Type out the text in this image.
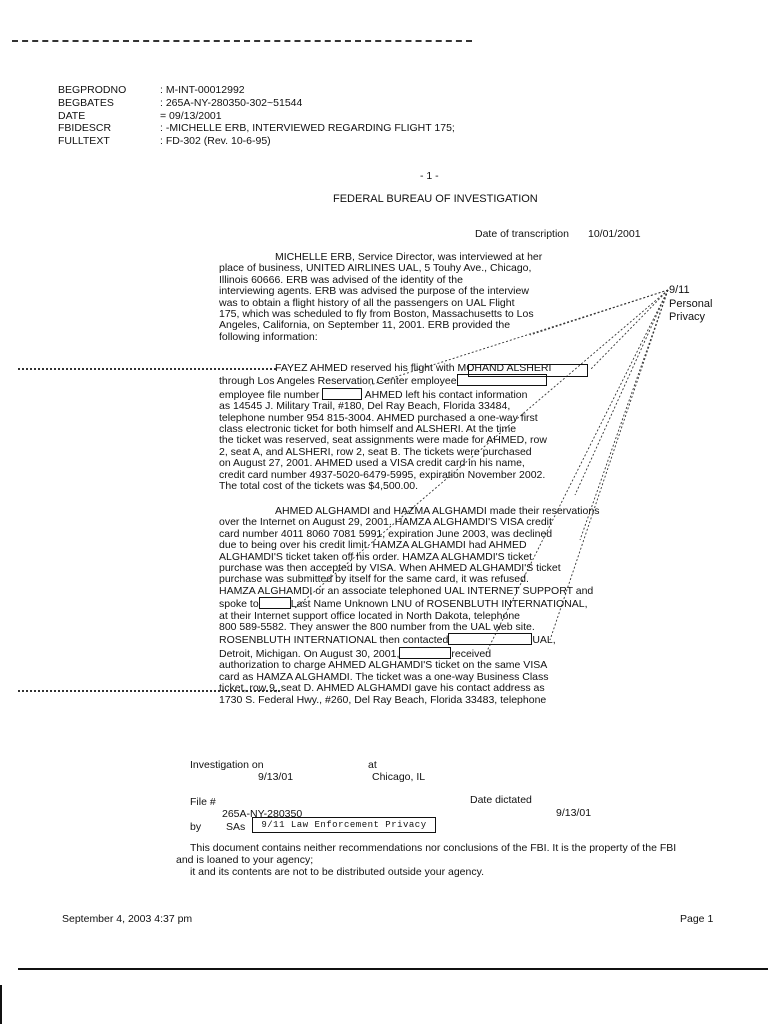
BEGPRODNO	: M-INT-00012992
BEGBATES	: 265A-NY-280350-302~51544
DATE	= 09/13/2001
FBIDESCR	: -MICHELLE ERB, INTERVIEWED REGARDING FLIGHT 175;
FULLTEXT	: FD-302 (Rev. 10-6-95)
- 1 -
FEDERAL BUREAU OF INVESTIGATION
Date of transcription 10/01/2001
9/11
Personal
Privacy

MICHELLE ERB, Service Director, was interviewed at her

place of business, UNITED AIRLINES UAL, 5 Touhy Ave., Chicago,

Illinois 60666. ERB was advised of the identity of the

interviewing agents. ERB was advised the purpose of the interview

was to obtain a flight history of all the passengers on UAL Flight

175, which was scheduled to fly from Boston, Massachusetts to Los

Angeles, California, on September 11, 2001. ERB provided the

following information:

FAYEZ AHMED reserved his flight with MOHAND ALSHERI

through Los Angeles Reservation Center employee

employee file number	AHMED left his contact information

as 14545 J. Military Trail, #180, Del Ray Beach, Florida 33484,

telephone number 954 815-3004. AHMED purchased a one-way first

class electronic ticket for both himself and ALSHERI. At the time

the ticket was reserved, seat assignments were made for AHMED, row

2, seat A, and ALSHERI, row 2, seat B. The tickets were purchased

on August 27, 2001. AHMED used a VISA credit card in his name,

credit card number 4937-5020-6479-5995, expiration November 2002.

The total cost of the tickets was $4,500.00.

AHMED ALGHAMDI and HAZMA ALGHAMDI made their reservations

over the Internet on August 29, 2001. HAMZA ALGHAMDI'S VISA credit

card number 4011 8060 7081 5991, expiration June 2003, was declined

due to being over his credit limit. HAMZA ALGHAMDI had AHMED

ALGHAMDI'S ticket taken off his order. HAMZA ALGHAMDI'S ticket

purchase was then accepted by VISA. When AHMED ALGHAMDI'S ticket

purchase was submitted by itself for the same card, it was refused.

HAMZA ALGHAMDI or an associate telephoned UAL INTERNET SUPPORT and

spoke to	Last Name Unknown LNU of ROSENBLUTH INTERNATIONAL,

at their Internet support office located in North Dakota, telephone

800 589-5582. They answer the 800 number from the UAL web site.

ROSENBLUTH INTERNATIONAL then contacted	UAL,

Detroit, Michigan. On August 30, 2001,	received

authorization to charge AHMED ALGHAMDI'S ticket on the same VISA

card as HAMZA ALGHAMDI. The ticket was a one-way Business Class

ticket, row 9, seat D. AHMED ALGHAMDI gave his contact address as

1730 S. Federal Hwy., #260, Del Ray Beach, Florida 33483, telephone

Investigation on	at
9/13/01	Chicago, IL
File #	Date dictated
265A-NY-280350	9/13/01
by SAs	9/11 Law Enforcement Privacy
This document contains neither recommendations nor conclusions of the FBI. It is the property of the FBI
and is loaned to your agency;
it and its contents are not to be distributed outside your agency.
September 4, 2003 4:37 pm	Page 1
